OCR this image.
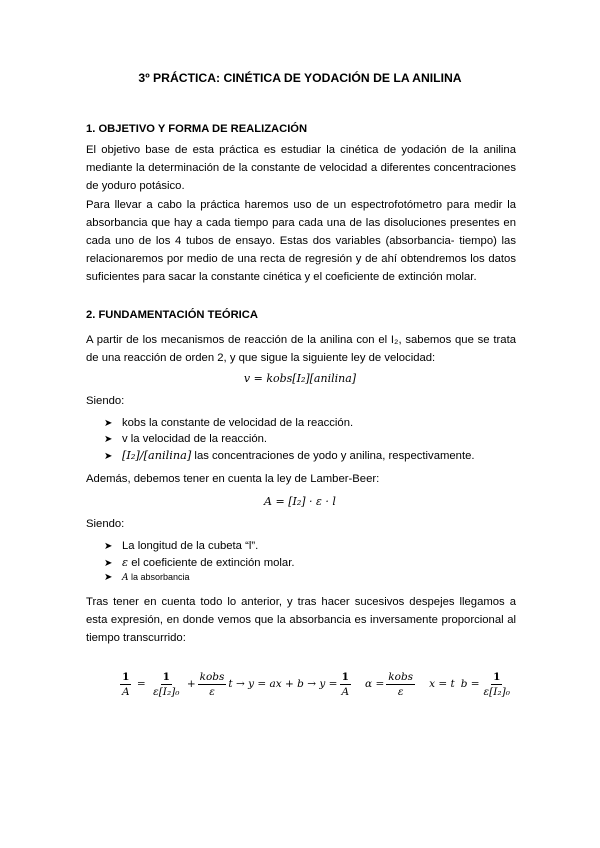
3º PRÁCTICA: CINÉTICA DE YODACIÓN DE LA ANILINA
1. OBJETIVO Y FORMA DE REALIZACIÓN
El objetivo base de esta práctica es estudiar la cinética de yodación de la anilina mediante la determinación de la constante de velocidad a diferentes concentraciones de yoduro potásico.
Para llevar a cabo la práctica haremos uso de un espectrofotómetro para medir la absorbancia que hay a cada tiempo para cada una de las disoluciones presentes en cada uno de los 4 tubos de ensayo. Estas dos variables (absorbancia- tiempo) las relacionaremos por medio de una recta de regresión y de ahí obtendremos los datos suficientes para sacar la constante cinética y el coeficiente de extinción molar.
2. FUNDAMENTACIÓN TEÓRICA
A partir de los mecanismos de reacción de la anilina con el I₂, sabemos que se trata de una reacción de orden 2, y que sigue la siguiente ley de velocidad:
v = kobs[I₂][anilina]
Siendo:
➤ kobs la constante de velocidad de la reacción.
➤ v la velocidad de la reacción.
➤ [I₂]/[anilina] las concentraciones de yodo y anilina, respectivamente.
Además, debemos tener en cuenta la ley de Lamber-Beer:
A = [I₂] · ε · l
Siendo:
➤ La longitud de la cubeta “l”.
➤ ε el coeficiente de extinción molar.
➤ A la absorbancia
Tras tener en cuenta todo lo anterior, y tras hacer sucesivos despejes llegamos a esta expresión, en donde vemos que la absorbancia es inversamente proporcional al tiempo transcurrido:
$\frac{1}{A} = \frac{1}{\text{ε[I₂]₀}} + \frac{\text{kobs}}{\varepsilon}$ t → y = ax + $b \to y = \frac{1}{A}$ $\alpha = \frac{\text{kobs}}{\varepsilon}$ x = t $b = \frac{1}{\text{ε[I₂]₀}}$
